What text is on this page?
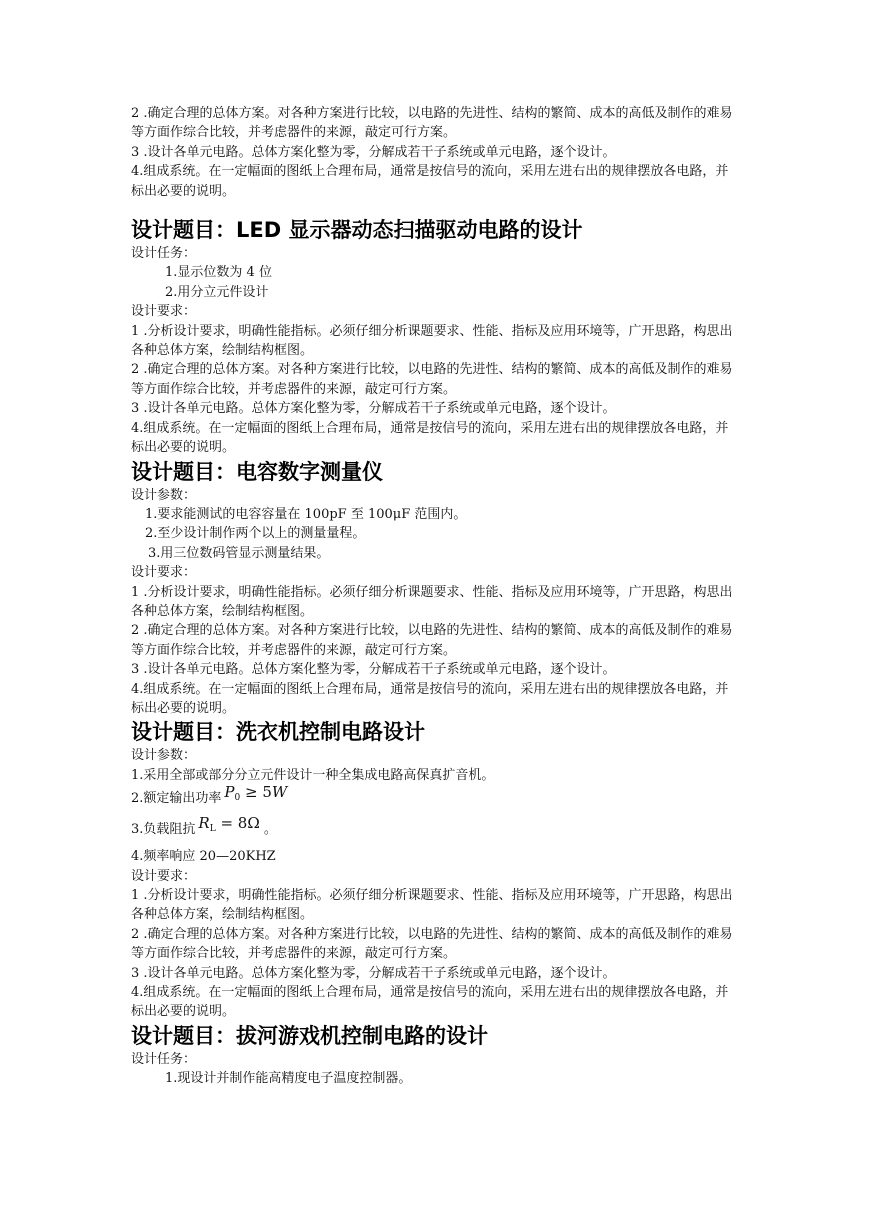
2 .确定合理的总体方案。对各种方案进行比较，以电路的先进性、结构的繁简、成本的高低及制作的难易等方面作综合比较，并考虑器件的来源，敲定可行方案。

3 .设计各单元电路。总体方案化整为零，分解成若干子系统或单元电路，逐个设计。

4.组成系统。在一定幅面的图纸上合理布局，通常是按信号的流向，采用左进右出的规律摆放各电路，并标出必要的说明。

设计题目：LED 显示器动态扫描驱动电路的设计

设计任务：

1.显示位数为 4 位

2.用分立元件设计

设计要求：

1 .分析设计要求，明确性能指标。必须仔细分析课题要求、性能、指标及应用环境等，广开思路，构思出各种总体方案，绘制结构框图。

2 .确定合理的总体方案。对各种方案进行比较，以电路的先进性、结构的繁简、成本的高低及制作的难易等方面作综合比较，并考虑器件的来源，敲定可行方案。

3 .设计各单元电路。总体方案化整为零，分解成若干子系统或单元电路，逐个设计。

4.组成系统。在一定幅面的图纸上合理布局，通常是按信号的流向，采用左进右出的规律摆放各电路，并标出必要的说明。

设计题目：电容数字测量仪

设计参数：

1.要求能测试的电容容量在 100pF 至 100μF 范围内。

2.至少设计制作两个以上的测量量程。

3.用三位数码管显示测量结果。

设计要求：

1 .分析设计要求，明确性能指标。必须仔细分析课题要求、性能、指标及应用环境等，广开思路，构思出各种总体方案，绘制结构框图。

2 .确定合理的总体方案。对各种方案进行比较，以电路的先进性、结构的繁简、成本的高低及制作的难易等方面作综合比较，并考虑器件的来源，敲定可行方案。

3 .设计各单元电路。总体方案化整为零，分解成若干子系统或单元电路，逐个设计。

4.组成系统。在一定幅面的图纸上合理布局，通常是按信号的流向，采用左进右出的规律摆放各电路，并标出必要的说明。

设计题目：洗衣机控制电路设计

设计参数：

1.采用全部或部分分立元件设计一种全集成电路高保真扩音机。

2.额定输出功率 $P_0 \ge 5W$

3.负载阻抗 $R_L = 8\Omega$ 。

4.频率响应 20—20KHZ

设计要求：

1 .分析设计要求，明确性能指标。必须仔细分析课题要求、性能、指标及应用环境等，广开思路，构思出各种总体方案，绘制结构框图。

2 .确定合理的总体方案。对各种方案进行比较，以电路的先进性、结构的繁简、成本的高低及制作的难易等方面作综合比较，并考虑器件的来源，敲定可行方案。

3 .设计各单元电路。总体方案化整为零，分解成若干子系统或单元电路，逐个设计。

4.组成系统。在一定幅面的图纸上合理布局，通常是按信号的流向，采用左进右出的规律摆放各电路，并标出必要的说明。

设计题目：拔河游戏机控制电路的设计

设计任务：

1.现设计并制作能高精度电子温度控制器。
